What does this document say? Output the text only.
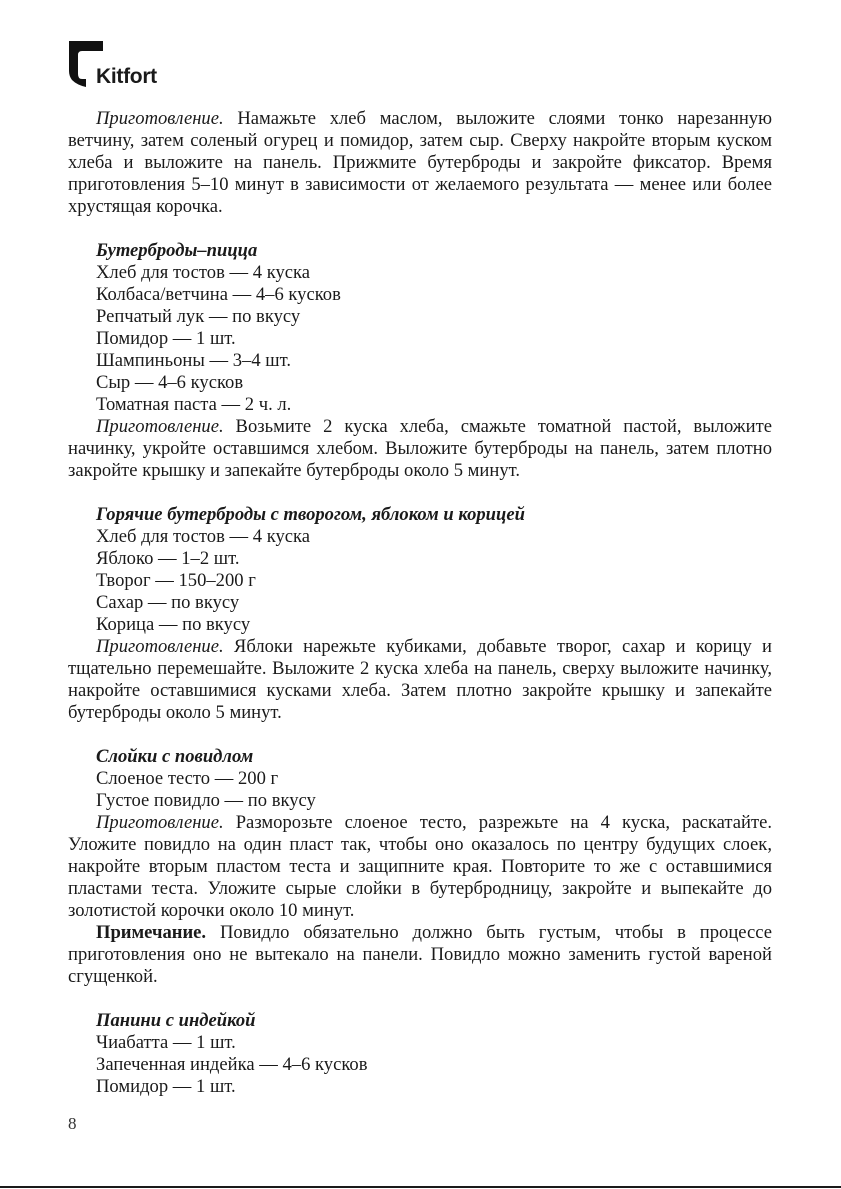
Kitfort

Приготовление. Намажьте хлеб маслом, выложите слоями тонко нарезанную ветчину, затем соленый огурец и помидор, затем сыр. Сверху накройте вторым куском хлеба и выложите на панель. Прижмите бутерброды и закройте фиксатор. Время приготовления 5–10 минут в зависимости от желаемого результата — менее или более хрустящая корочка.

Бутерброды–пицца
Хлеб для тостов — 4 куска
Колбаса/ветчина — 4–6 кусков
Репчатый лук — по вкусу
Помидор — 1 шт.
Шампиньоны — 3–4 шт.
Сыр — 4–6 кусков
Томатная паста — 2 ч. л.

Приготовление. Возьмите 2 куска хлеба, смажьте томатной пастой, выложите начинку, укройте оставшимся хлебом. Выложите бутерброды на панель, затем плотно закройте крышку и запекайте бутерброды около 5 минут.

Горячие бутерброды с творогом, яблоком и корицей
Хлеб для тостов — 4 куска
Яблоко — 1–2 шт.
Творог — 150–200 г
Сахар — по вкусу
Корица — по вкусу

Приготовление. Яблоки нарежьте кубиками, добавьте творог, сахар и корицу и тщательно перемешайте. Выложите 2 куска хлеба на панель, сверху выложите начинку, накройте оставшимися кусками хлеба. Затем плотно закройте крышку и запекайте бутерброды около 5 минут.

Слойки с повидлом
Слоеное тесто — 200 г
Густое повидло — по вкусу

Приготовление. Разморозьте слоеное тесто, разрежьте на 4 куска, раскатайте. Уложите повидло на один пласт так, чтобы оно оказалось по центру будущих слоек, накройте вторым пластом теста и защипните края. Повторите то же с оставшимися пластами теста. Уложите сырые слойки в бутербродницу, закройте и выпекайте до золотистой корочки около 10 минут.

Примечание. Повидло обязательно должно быть густым, чтобы в процессе приготовления оно не вытекало на панели. Повидло можно заменить густой вареной сгущенкой.

Панини с индейкой
Чиабатта — 1 шт.
Запеченная индейка — 4–6 кусков
Помидор — 1 шт.
8
